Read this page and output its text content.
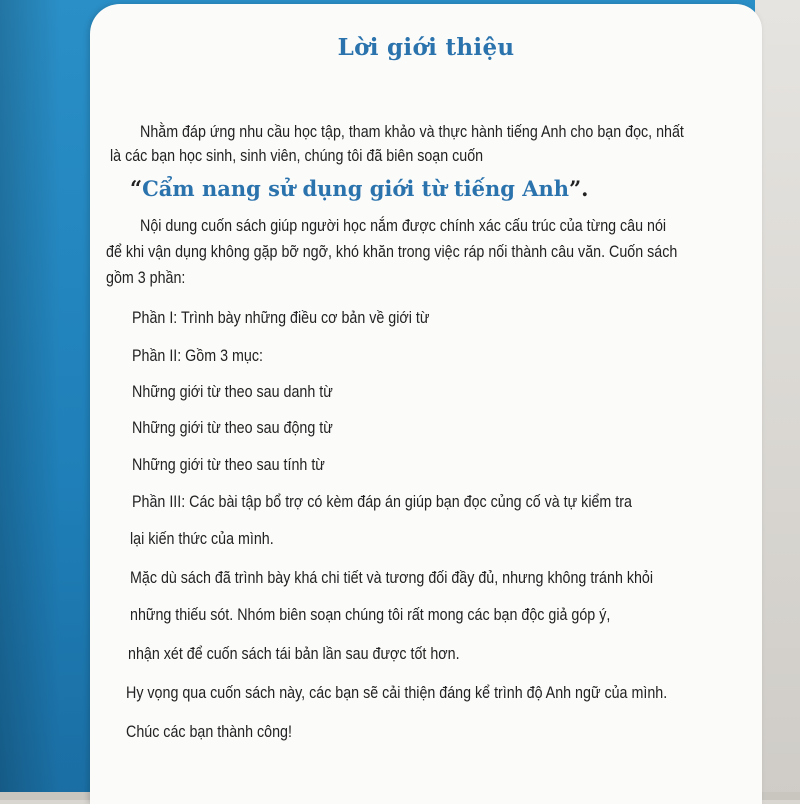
Lời giới thiệu
Nhằm đáp ứng nhu cầu học tập, tham khảo và thực hành tiếng Anh cho bạn đọc, nhất
là các bạn học sinh, sinh viên, chúng tôi đã biên soạn cuốn
“Cẩm nang sử dụng giới từ tiếng Anh”.
Nội dung cuốn sách giúp người học nắm được chính xác cấu trúc của từng câu nói
để khi vận dụng không gặp bỡ ngỡ, khó khăn trong việc ráp nối thành câu văn. Cuốn sách
gồm 3 phần:
Phần I: Trình bày những điều cơ bản về giới từ
Phần II: Gồm 3 mục:
Những giới từ theo sau danh từ
Những giới từ theo sau động từ
Những giới từ theo sau tính từ
Phần III: Các bài tập bổ trợ có kèm đáp án giúp bạn đọc củng cố và tự kiểm tra
lại kiến thức của mình.
Mặc dù sách đã trình bày khá chi tiết và tương đối đầy đủ, nhưng không tránh khỏi
những thiếu sót. Nhóm biên soạn chúng tôi rất mong các bạn độc giả góp ý,
nhận xét để cuốn sách tái bản lần sau được tốt hơn.
Hy vọng qua cuốn sách này, các bạn sẽ cải thiện đáng kể trình độ Anh ngữ của mình.
Chúc các bạn thành công!
